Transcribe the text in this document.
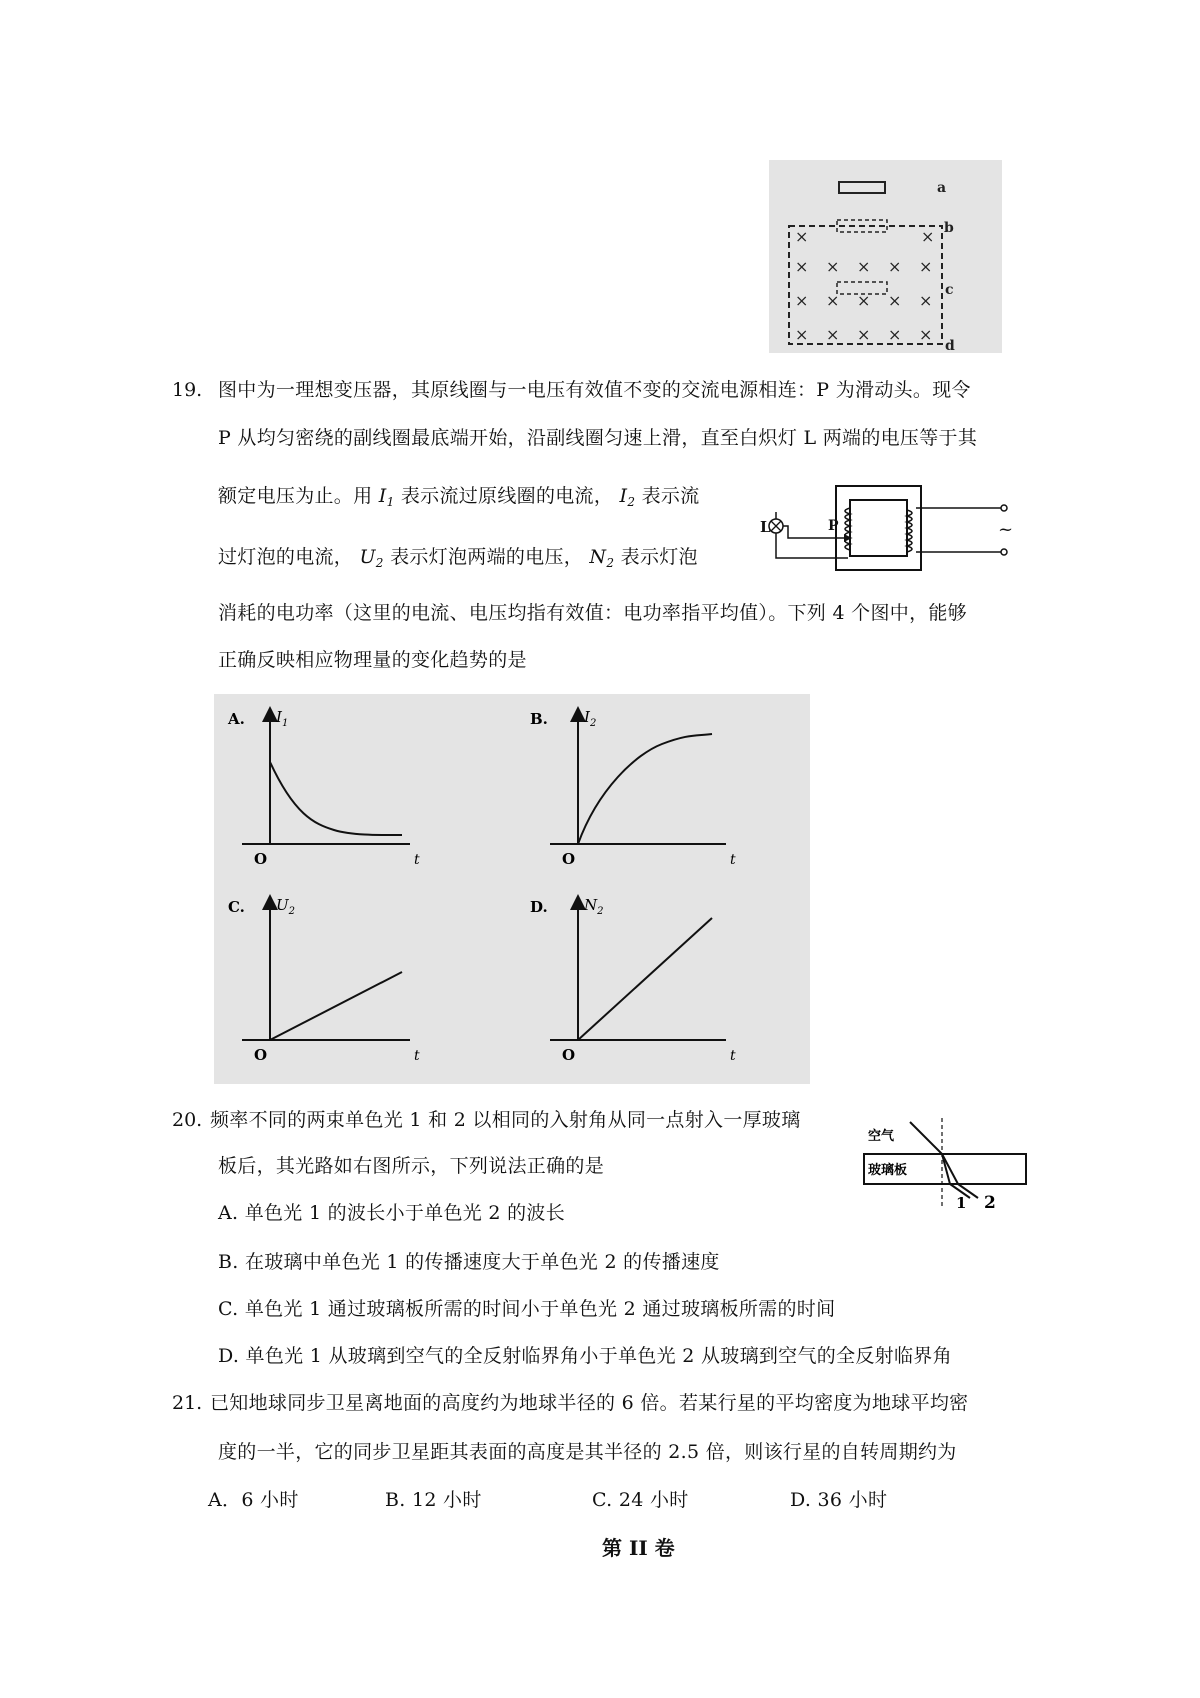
×	×
× × × × ×
× × × × ×
× × × × ×
a
b
c
d
19. 图中为一理想变压器，其原线圈与一电压有效值不变的交流电源相连：P 为滑动头。现令
P 从均匀密绕的副线圈最底端开始，沿副线圈匀速上滑，直至白炽灯 L 两端的电压等于其
额定电压为止。用 $I_1$ 表示流过原线圈的电流， $I_2$ 表示流
过灯泡的电流， $U_2$ 表示灯泡两端的电压， $N_2$ 表示灯泡
消耗的电功率（这里的电流、电压均指有效值：电功率指平均值）。下列 4 个图中，能够
正确反映相应物理量的变化趋势的是
~
L	P
A. $I_1$
O	t
B. $I_2$
O	t
C. $U_2$
O	t
D. $N_2$
O	t
20. 频率不同的两束单色光 1 和 2 以相同的入射角从同一点射入一厚玻璃
板后，其光路如右图所示，下列说法正确的是
A. 单色光 1 的波长小于单色光 2 的波长
B. 在玻璃中单色光 1 的传播速度大于单色光 2 的传播速度
C. 单色光 1 通过玻璃板所需的时间小于单色光 2 通过玻璃板所需的时间
D. 单色光 1 从玻璃到空气的全反射临界角小于单色光 2 从玻璃到空气的全反射临界角
空气
玻璃板
1 2
21. 已知地球同步卫星离地面的高度约为地球半径的 6 倍。若某行星的平均密度为地球平均密
度的一半，它的同步卫星距其表面的高度是其半径的 2.5 倍，则该行星的自转周期约为
A．6 小时	B. 12 小时	C. 24 小时	D. 36 小时
第 II 卷
